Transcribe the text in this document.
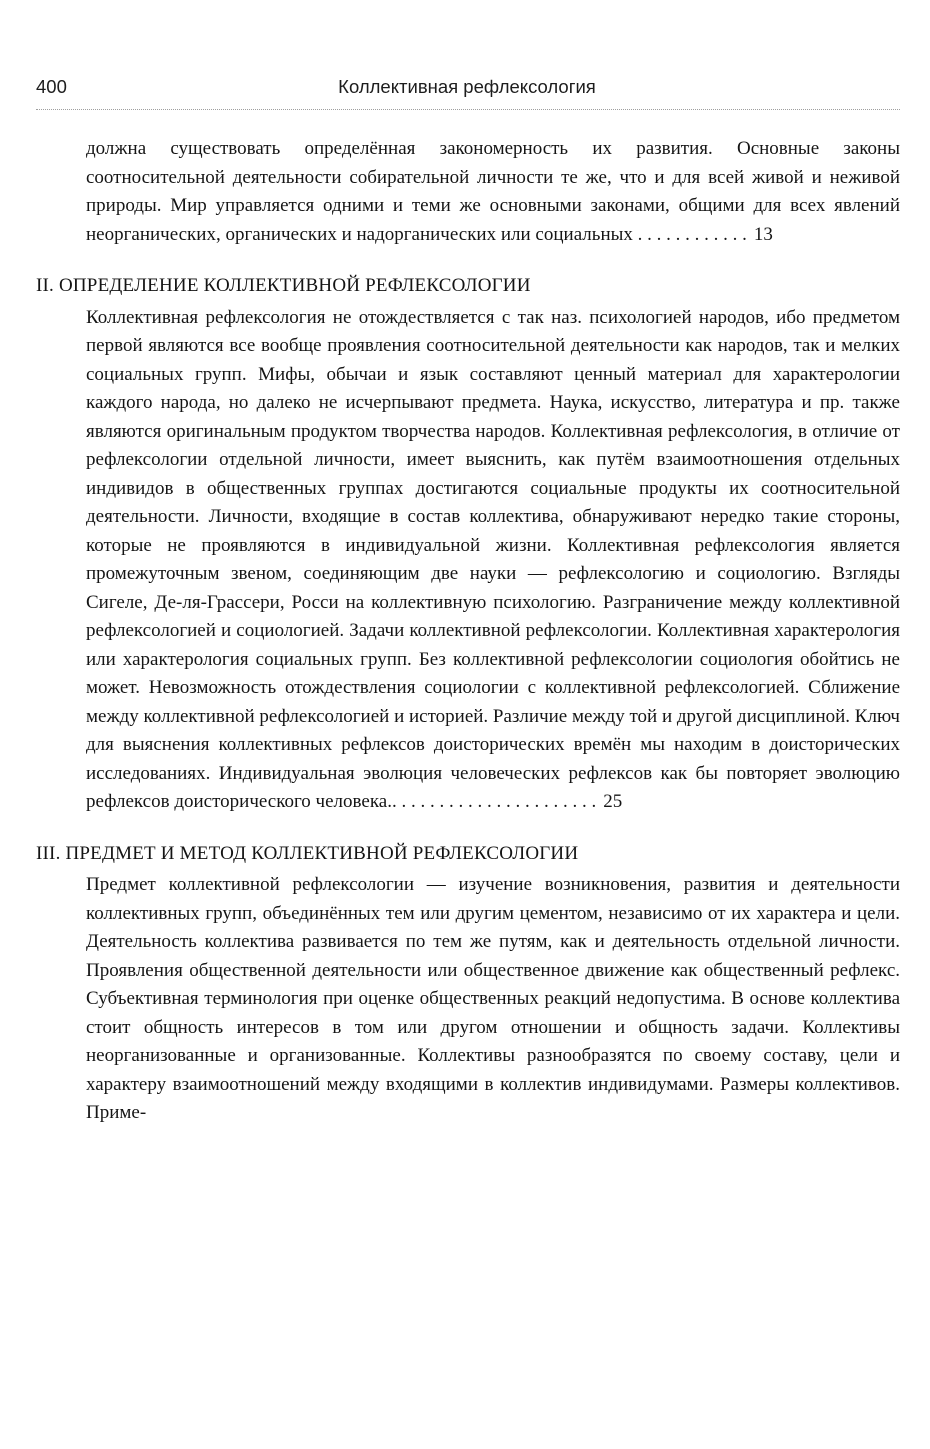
400	Коллективная рефлексология

должна существовать определённая закономерность их развития. Основные законы соотносительной деятельности собирательной личности те же, что и для всей живой и неживой природы. Мир управляется одними и теми же основными законами, общими для всех явлений неорганических, органических и надорганических или социальных . . . . . . . . . . . . 13

II. ОПРЕДЕЛЕНИЕ КОЛЛЕКТИВНОЙ РЕФЛЕКСОЛОГИИ

Коллективная рефлексология не отождествляется с так наз. психологией народов, ибо предметом первой являются все вообще проявления соотносительной деятельности как народов, так и мелких социальных групп. Мифы, обычаи и язык составляют ценный материал для характерологии каждого народа, но далеко не исчерпывают предмета. Наука, искусство, литература и пр. также являются оригинальным продуктом творчества народов. Коллективная рефлексология, в отличие от рефлексологии отдельной личности, имеет выяснить, как путём взаимоотношения отдельных индивидов в общественных группах достигаются социальные продукты их соотносительной деятельности. Личности, входящие в состав коллектива, обнаруживают нередко такие стороны, которые не проявляются в индивидуальной жизни. Коллективная рефлексология является промежуточным звеном, соединяющим две науки — рефлексологию и социологию. Взгляды Сигеле, Де-ля-Грассери, Росси на коллективную психологию. Разграничение между коллективной рефлексологией и социологией. Задачи коллективной рефлексологии. Коллективная характерология или характерология социальных групп. Без коллективной рефлексологии социология обойтись не может. Невозможность отождествления социологии с коллективной рефлексологией. Сближение между коллективной рефлексологией и историей. Различие между той и другой дисциплиной. Ключ для выяснения коллективных рефлексов доисторических времён мы находим в доисторических исследованиях. Индивидуальная эволюция человеческих рефлексов как бы повторяет эволюцию рефлексов доисторического человека.. . . . . . . . . . . . . . . . . . . . . . 25

III. ПРЕДМЕТ И МЕТОД КОЛЛЕКТИВНОЙ РЕФЛЕКСОЛОГИИ

Предмет коллективной рефлексологии — изучение возникновения, развития и деятельности коллективных групп, объединённых тем или другим цементом, независимо от их характера и цели. Деятельность коллектива развивается по тем же путям, как и деятельность отдельной личности. Проявления общественной деятельности или общественное движение как общественный рефлекс. Субъективная терминология при оценке общественных реакций недопустима. В основе коллектива стоит общность интересов в том или другом отношении и общность задачи. Коллективы неорганизованные и организованные. Коллективы разнообразятся по своему составу, цели и характеру взаимоотношений между входящими в коллектив индивидумами. Размеры коллективов. Приме-
